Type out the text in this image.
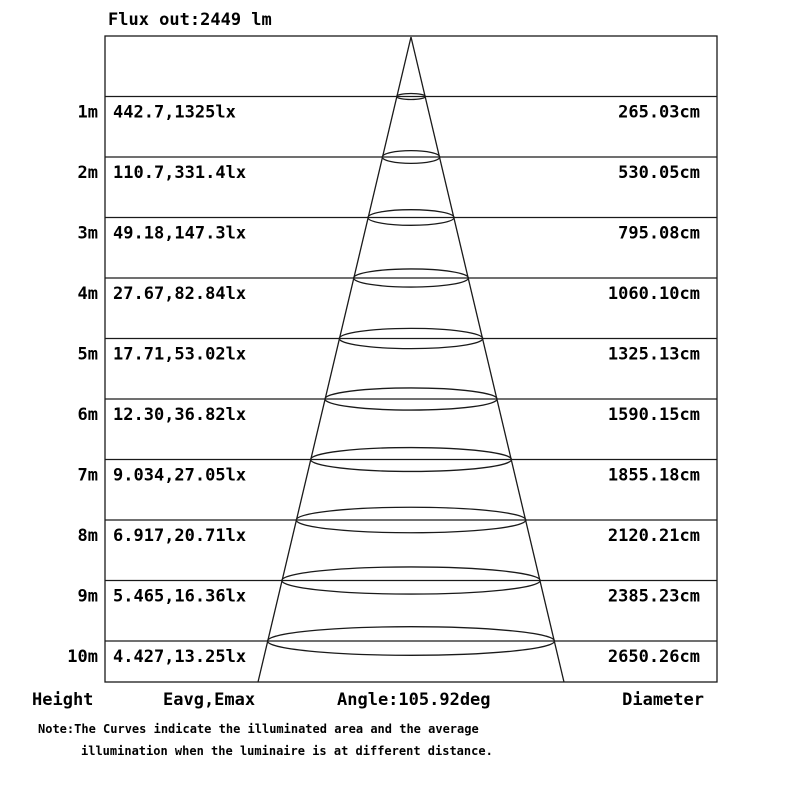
Flux out:2449 lm
1m 442.7,1325lx	265.03cm
2m 110.7,331.4lx	530.05cm
3m 49.18,147.3lx	795.08cm
4m 27.67,82.84lx	1060.10cm
5m 17.71,53.02lx	1325.13cm
6m 12.30,36.82lx	1590.15cm
7m 9.034,27.05lx	1855.18cm
8m 6.917,20.71lx	2120.21cm
9m 5.465,16.36lx	2385.23cm
10m 4.427,13.25lx	2650.26cm
Height	Eavg,Emax	Angle:105.92deg	Diameter
Note:The Curves indicate the illuminated area and the average
illumination when the luminaire is at different distance.
